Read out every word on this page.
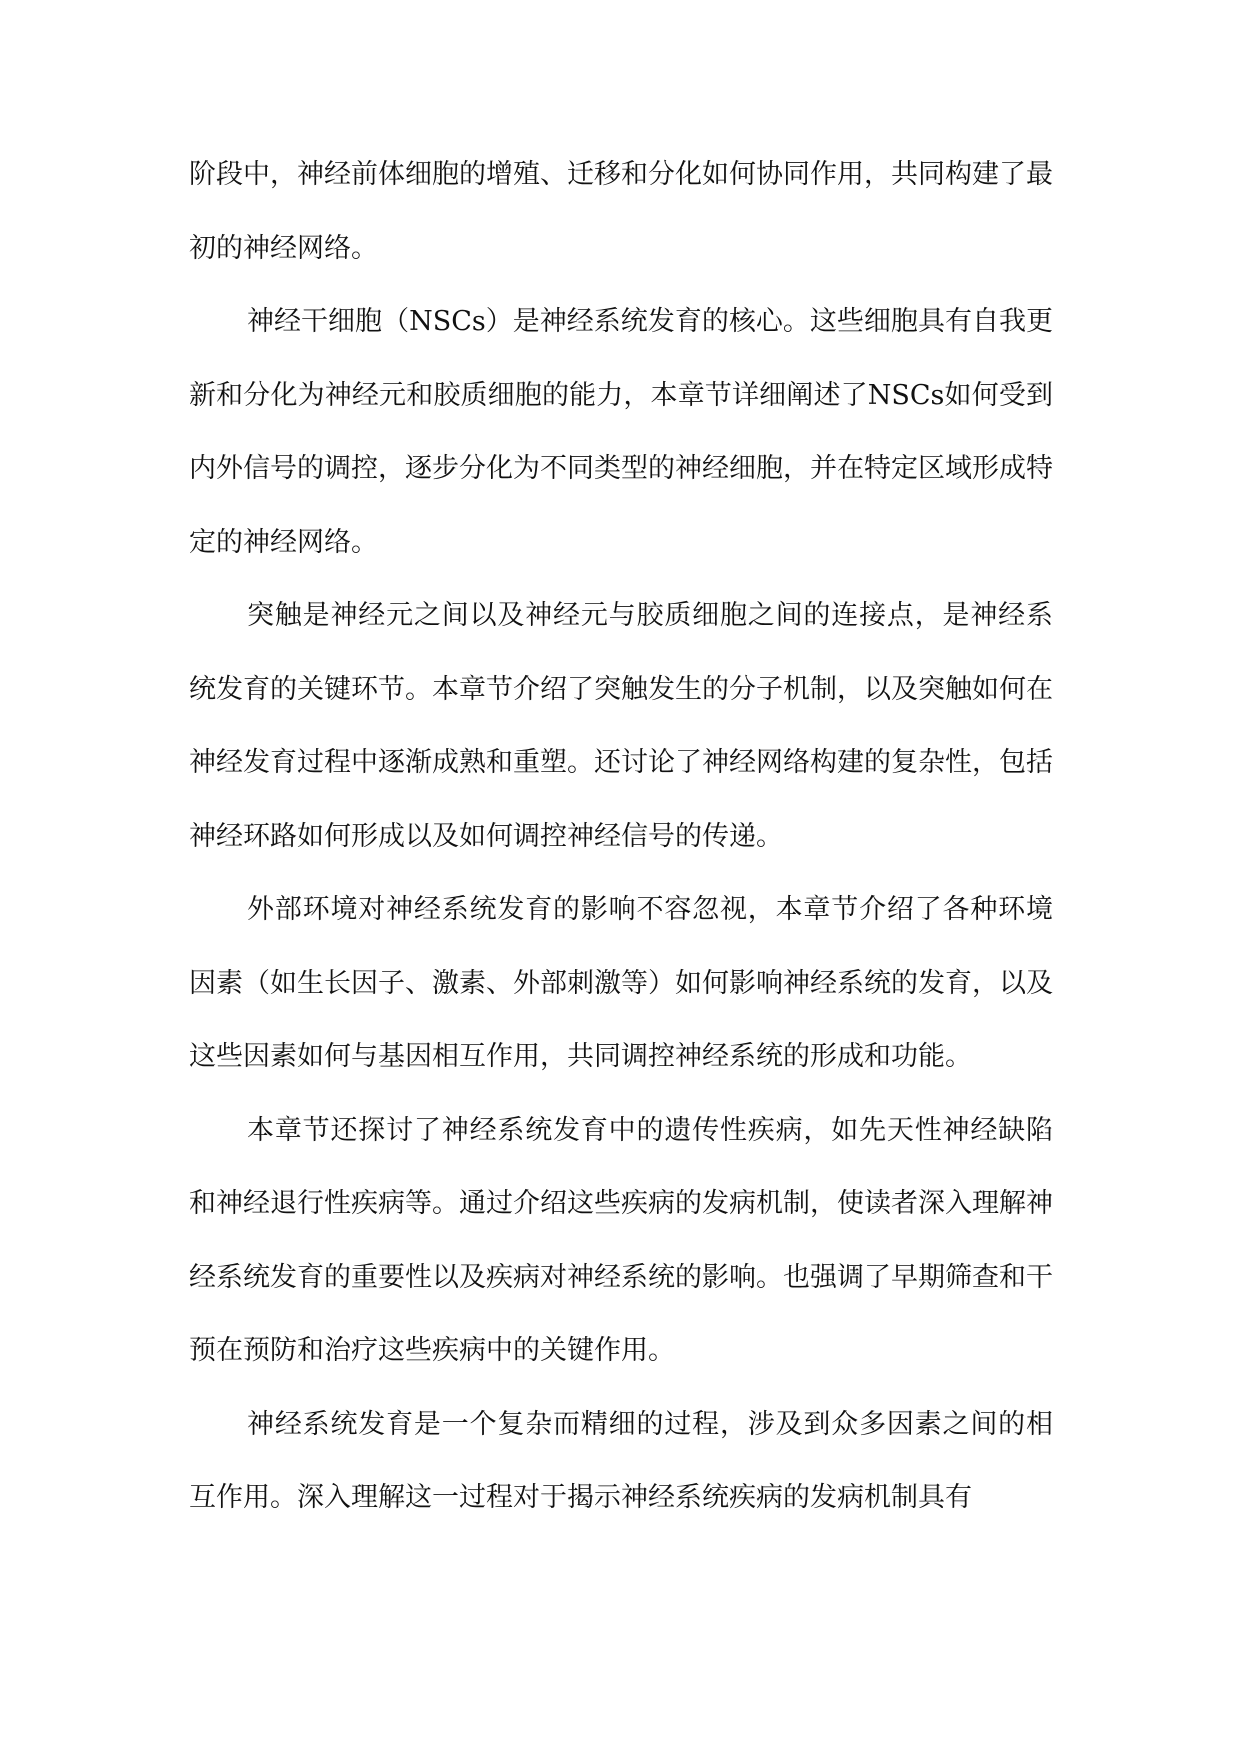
阶段中，神经前体细胞的增殖、迁移和分化如何协同作用，共同构建了最初的神经网络。

神经干细胞（NSCs）是神经系统发育的核心。这些细胞具有自我更新和分化为神经元和胶质细胞的能力，本章节详细阐述了NSCs如何受到内外信号的调控，逐步分化为不同类型的神经细胞，并在特定区域形成特定的神经网络。

突触是神经元之间以及神经元与胶质细胞之间的连接点，是神经系统发育的关键环节。本章节介绍了突触发生的分子机制，以及突触如何在神经发育过程中逐渐成熟和重塑。还讨论了神经网络构建的复杂性，包括神经环路如何形成以及如何调控神经信号的传递。

外部环境对神经系统发育的影响不容忽视，本章节介绍了各种环境因素（如生长因子、激素、外部刺激等）如何影响神经系统的发育，以及这些因素如何与基因相互作用，共同调控神经系统的形成和功能。

本章节还探讨了神经系统发育中的遗传性疾病，如先天性神经缺陷和神经退行性疾病等。通过介绍这些疾病的发病机制，使读者深入理解神经系统发育的重要性以及疾病对神经系统的影响。也强调了早期筛查和干预在预防和治疗这些疾病中的关键作用。

神经系统发育是一个复杂而精细的过程，涉及到众多因素之间的相互作用。深入理解这一过程对于揭示神经系统疾病的发病机制具有
